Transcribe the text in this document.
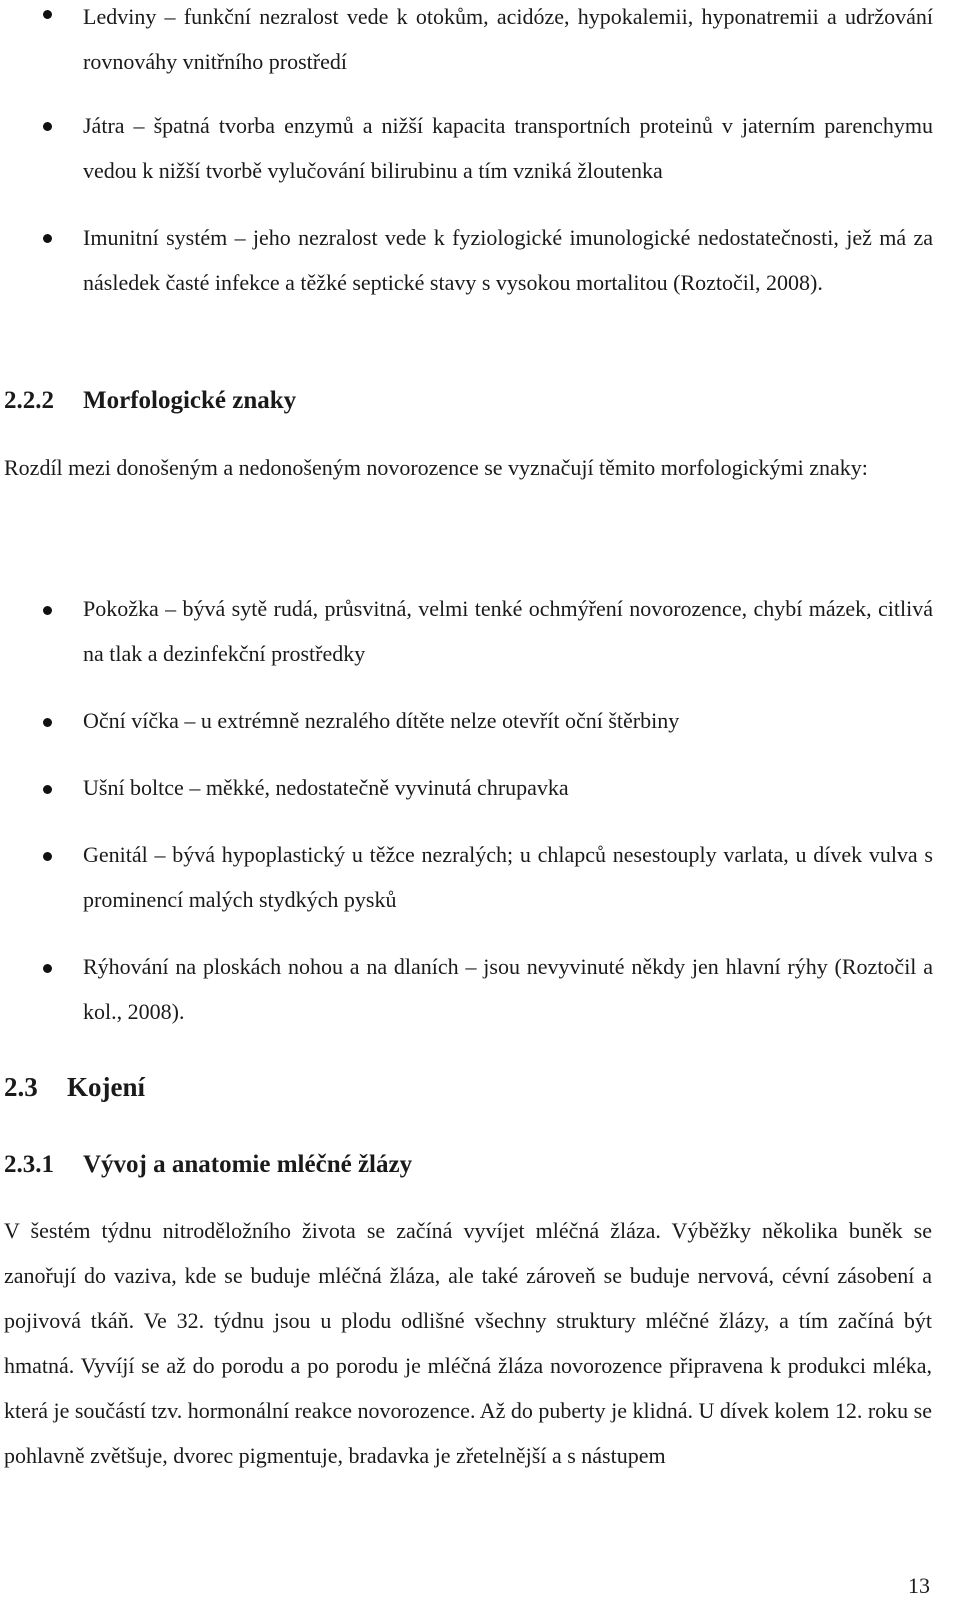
Ledviny – funkční nezralost vede k otokům, acidóze, hypokalemii, hyponatremii a udržování rovnováhy vnitřního prostředí
Játra – špatná tvorba enzymů a nižší kapacita transportních proteinů v jaterním parenchymu vedou k nižší tvorbě vylučování bilirubinu a tím vzniká žloutenka
Imunitní systém – jeho nezralost vede k fyziologické imunologické nedostatečnosti, jež má za následek časté infekce a těžké septické stavy s vysokou mortalitou (Roztočil, 2008).
2.2.2 Morfologické znaky
Rozdíl mezi donošeným a nedonošeným novorozence se vyznačují těmito morfologickými znaky:
Pokožka – bývá sytě rudá, průsvitná, velmi tenké ochmýření novorozence, chybí mázek, citlivá na tlak a dezinfekční prostředky
Oční víčka – u extrémně nezralého dítěte nelze otevřít oční štěrbiny
Ušní boltce – měkké, nedostatečně vyvinutá chrupavka
Genitál – bývá hypoplastický u těžce nezralých; u chlapců nesestouply varlata, u dívek vulva s prominencí malých stydkých pysků
Rýhování na ploskách nohou a na dlaních – jsou nevyvinuté někdy jen hlavní rýhy (Roztočil a kol., 2008).
2.3 Kojení
2.3.1 Vývoj a anatomie mléčné žlázy
V šestém týdnu nitroděložního života se začíná vyvíjet mléčná žláza. Výběžky několika buněk se zanořují do vaziva, kde se buduje mléčná žláza, ale také zároveň se buduje nervová, cévní zásobení a pojivová tkáň. Ve 32. týdnu jsou u plodu odlišné všechny struktury mléčné žlázy, a tím začíná být hmatná. Vyvíjí se až do porodu a po porodu je mléčná žláza novorozence připravena k produkci mléka, která je součástí tzv. hormonální reakce novorozence. Až do puberty je klidná. U dívek kolem 12. roku se pohlavně zvětšuje, dvorec pigmentuje, bradavka je zřetelnější a s nástupem
13
